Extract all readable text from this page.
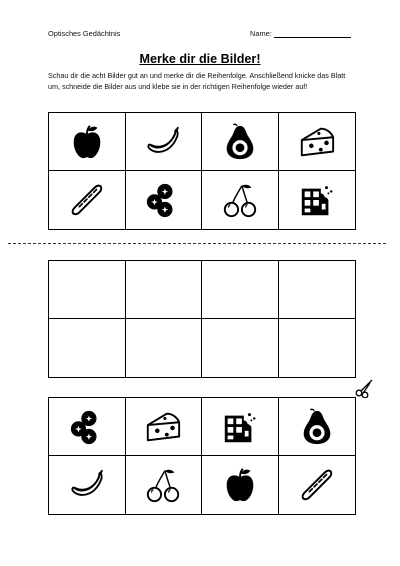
Optisches Gedächtnis	Name:
Merke dir die Bilder!
Schau dir die acht Bilder gut an und merke dir die Reihenfolge. Anschließend knicke das Blatt um, schneide die Bilder aus und klebe sie in der richtigen Reihenfolge wieder auf!
